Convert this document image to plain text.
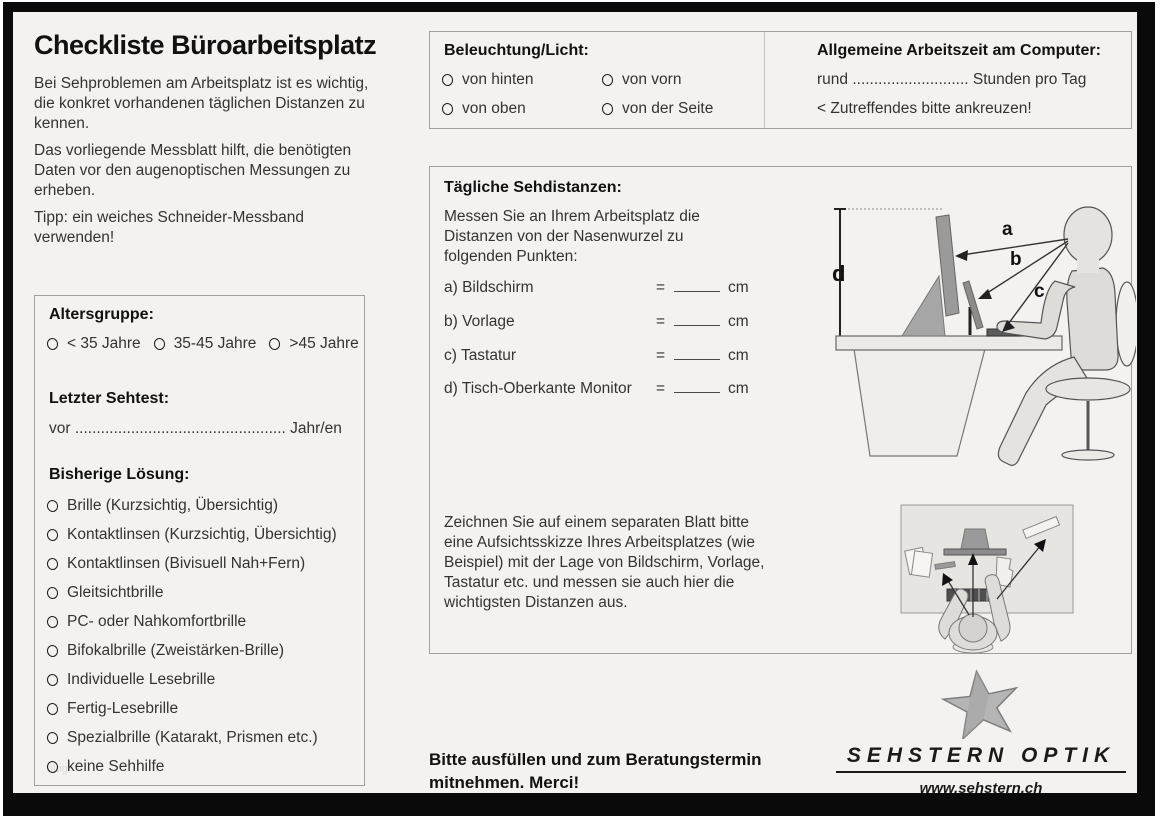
Checkliste Büroarbeitsplatz
Bei Sehproblemen am Arbeitsplatz ist es wichtig, die konkret vorhandenen täglichen Distanzen zu kennen.
Das vorliegende Messblatt hilft, die benötigten Daten vor den augenoptischen Messungen zu erheben.
Tipp: ein weiches Schneider-Messband verwenden!
Altersgruppe:
< 35 Jahre 35-45 Jahre >45 Jahre
Letzter Sehtest:
vor ................................................. Jahr/en
Bisherige Lösung:
Brille (Kurzsichtig, Übersichtig)
Kontaktlinsen (Kurzsichtig, Übersichtig)
Kontaktlinsen (Bivisuell Nah+Fern)
Gleitsichtbrille
PC- oder Nahkomfortbrille
Bifokalbrille (Zweistärken-Brille)
Individuelle Lesebrille
Fertig-Lesebrille
Spezialbrille (Katarakt, Prismen etc.)
keine Sehhilfe
blog
Beleuchtung/Licht:
von hinten	von vorn
von oben	von der Seite
Allgemeine Arbeitszeit am Computer:
rund ........................... Stunden pro Tag
< Zutreffendes bitte ankreuzen!
Tägliche Sehdistanzen:
Messen Sie an Ihrem Arbeitsplatz die Distanzen von der Nasenwurzel zu folgenden Punkten:
a) Bildschirm	=	cm
b) Vorlage	=	cm
c) Tastatur	=	cm
d) Tisch-Oberkante Monitor	=	cm
Zeichnen Sie auf einem separaten Blatt bitte eine Aufsichtsskizze Ihres Arbeitsplatzes (wie Beispiel) mit der Lage von Bildschirm, Vorlage, Tastatur etc. und messen sie auch hier die wichtigsten Distanzen aus.
d
a
b
c
Bitte ausfüllen und zum Beratungstermin mitnehmen. Merci!
SEHSTERN OPTIK
www.sehstern.ch
